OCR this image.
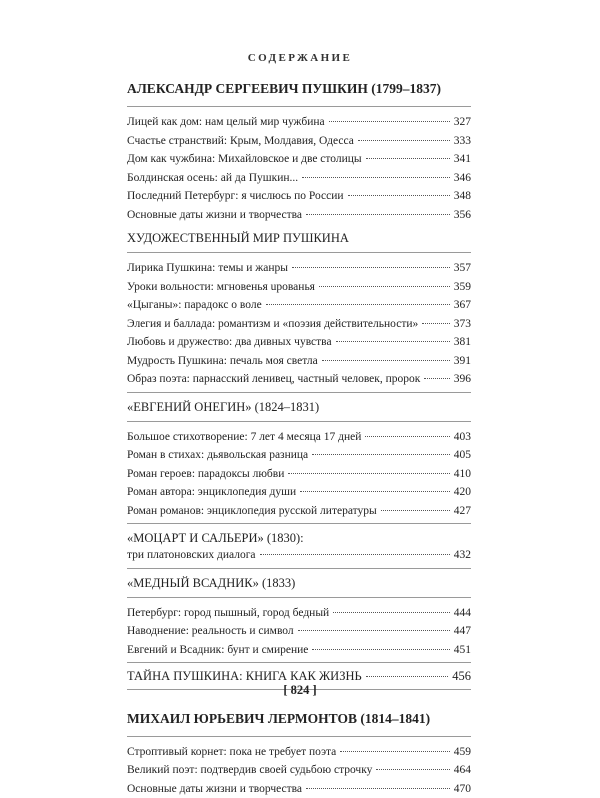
СОДЕРЖАНИЕ
АЛЕКСАНДР СЕРГЕЕВИЧ ПУШКИН (1799–1837)
Лицей как дом: нам целый мир чужбина	327
Счастье странствий: Крым, Молдавия, Одесса	333
Дом как чужбина: Михайловское и две столицы	341
Болдинская осень: ай да Пушкин...	346
Последний Петербург: я числюсь по России	348
Основные даты жизни и творчества	356
ХУДОЖЕСТВЕННЫЙ МИР ПУШКИНА
Лирика Пушкина: темы и жанры	357
Уроки вольности: мгновенья upованья	359
«Цыганы»: парадокс о воле	367
Элегия и баллада: романтизм и «поэзия действительности»	373
Любовь и дружество: два дивных чувства	381
Мудрость Пушкина: печаль моя светла	391
Образ поэта: парнасский ленивец, частный человек, пророк	396
«ЕВГЕНИЙ ОНЕГИН» (1824–1831)
Большое стихотворение: 7 лет 4 месяца 17 дней	403
Роман в стихах: дьявольская разница	405
Роман героев: парадоксы любви	410
Роман автора: энциклопедия души	420
Роман романов: энциклопедия русской литературы	427
«МОЦАРТ И САЛЬЕРИ» (1830):
три платоновских диалога	432
«МЕДНЫЙ ВСАДНИК» (1833)
Петербург: город пышный, город бедный	444
Наводнение: реальность и символ	447
Евгений и Всадник: бунт и смирение	451
ТАЙНА ПУШКИНА: КНИГА КАК ЖИЗНЬ	456
МИХАИЛ ЮРЬЕВИЧ ЛЕРМОНТОВ (1814–1841)
Строптивый корнет: пока не требует поэта	459
Великий поэт: подтвердив своей судьбою строчку	464
Основные даты жизни и творчества	470
[ 824 ]
